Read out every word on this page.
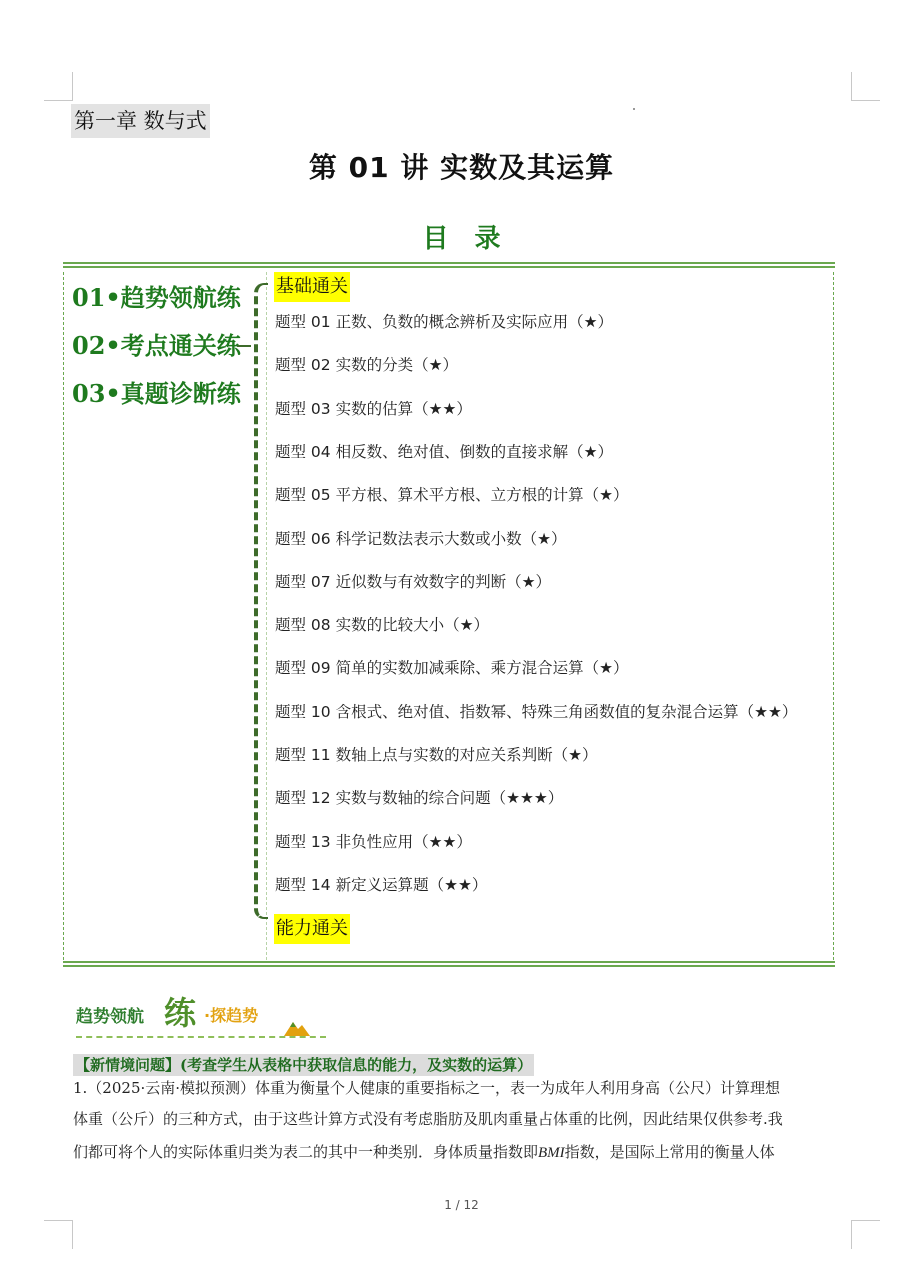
第一章 数与式
第 01 讲 实数及其运算
目录
01•趋势领航练
02•考点通关练
03•真题诊断练
基础通关
题型 01 正数、负数的概念辨析及实际应用（★）
题型 02 实数的分类（★）
题型 03 实数的估算（★★）
题型 04 相反数、绝对值、倒数的直接求解（★）
题型 05 平方根、算术平方根、立方根的计算（★）
题型 06 科学记数法表示大数或小数（★）
题型 07 近似数与有效数字的判断（★）
题型 08 实数的比较大小（★）
题型 09 简单的实数加减乘除、乘方混合运算（★）
题型 10 含根式、绝对值、指数幂、特殊三角函数值的复杂混合运算（★★）
题型 11 数轴上点与实数的对应关系判断（★）
题型 12 实数与数轴的综合问题（★★★）
题型 13 非负性应用（★★）
题型 14 新定义运算题（★★）
能力通关
趋势领航 练 ·探趋势
【新情境问题】(考查学生从表格中获取信息的能力，及实数的运算）
1.（2025·云南·模拟预测）体重为衡量个人健康的重要指标之一，表一为成年人利用身高（公尺）计算理想
体重（公斤）的三种方式，由于这些计算方式没有考虑脂肪及肌肉重量占体重的比例，因此结果仅供参考.我
们都可将个人的实际体重归类为表二的其中一种类别．身体质量指数即BMI指数，是国际上常用的衡量人体
1 / 12
